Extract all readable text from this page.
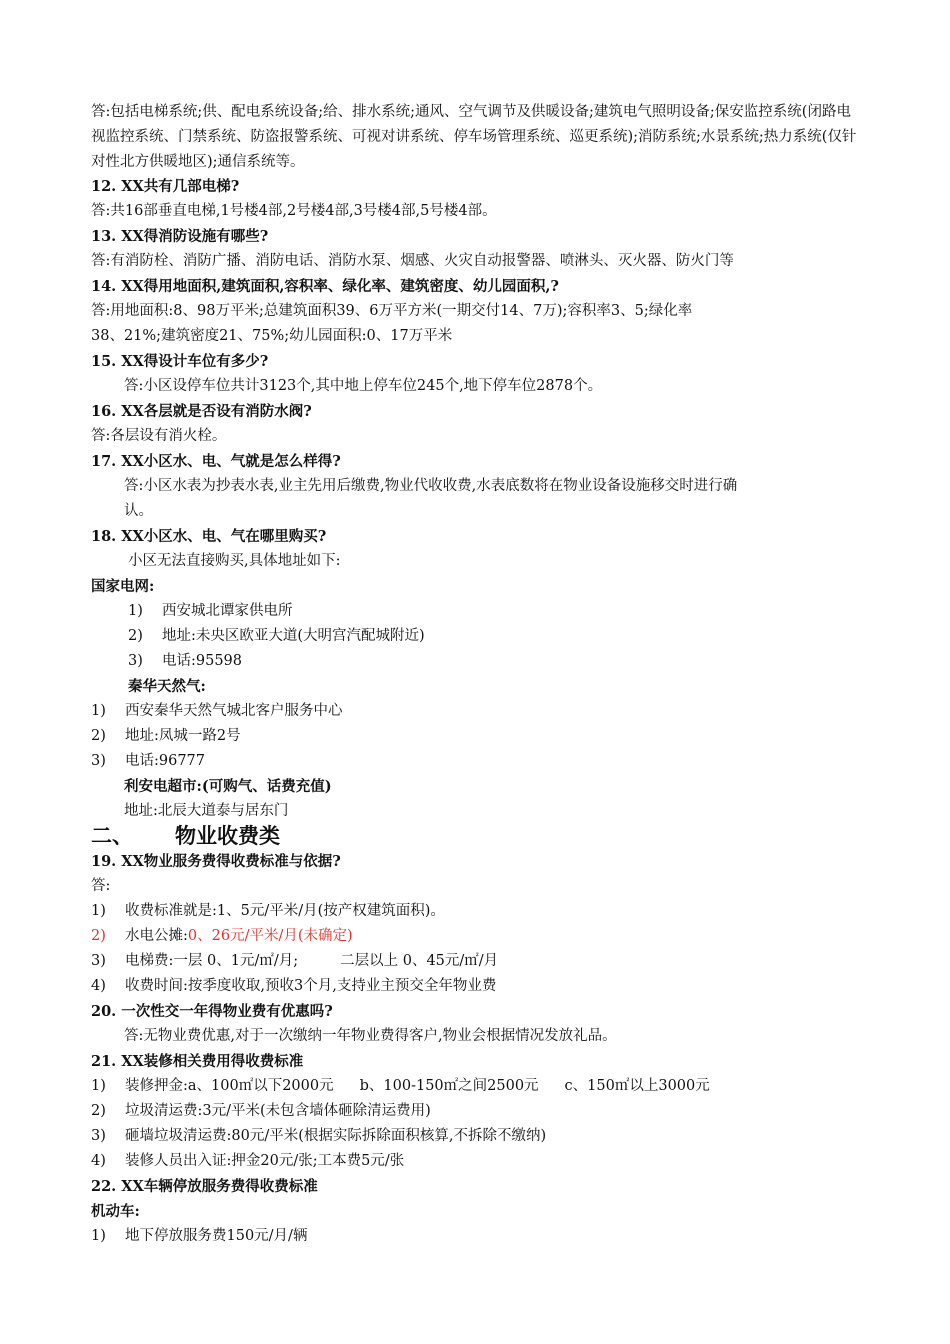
答:包括电梯系统;供、配电系统设备;给、排水系统;通风、空气调节及供暖设备;建筑电气照明设备;保安监控系统(闭路电视监控系统、门禁系统、防盗报警系统、可视对讲系统、停车场管理系统、巡更系统);消防系统;水景系统;热力系统(仅针对性北方供暖地区);通信系统等。
12. XX共有几部电梯?
答:共16部垂直电梯,1号楼4部,2号楼4部,3号楼4部,5号楼4部。
13. XX得消防设施有哪些?
答:有消防栓、消防广播、消防电话、消防水泵、烟感、火灾自动报警器、喷淋头、灭火器、防火门等
14. XX得用地面积,建筑面积,容积率、绿化率、建筑密度、幼儿园面积,?
答:用地面积:8、98万平米;总建筑面积39、6万平方米(一期交付14、7万);容积率3、5;绿化率
38、21%;建筑密度21、75%;幼儿园面积:0、17万平米
15. XX得设计车位有多少?
答:小区设停车位共计3123个,其中地上停车位245个,地下停车位2878个。
16. XX各层就是否设有消防水阀?
答:各层设有消火栓。
17. XX小区水、电、气就是怎么样得?
答:小区水表为抄表水表,业主先用后缴费,物业代收收费,水表底数将在物业设备设施移交时进行确
认。
18. XX小区水、电、气在哪里购买?
小区无法直接购买,具体地址如下:
国家电网:
1) 西安城北谭家供电所
2) 地址:未央区欧亚大道(大明宫汽配城附近)
3) 电话:95598
秦华天然气:
1) 西安秦华天然气城北客户服务中心
2) 地址:凤城一路2号
3) 电话:96777
利安电超市:(可购气、话费充值)
地址:北辰大道泰与居东门
二、 物业收费类
19. XX物业服务费得收费标准与依据?
答:
1) 收费标准就是:1、5元/平米/月(按产权建筑面积)。
2) 水电公摊:0、26元/平米/月(未确定)
3) 电梯费:一层 0、1元/㎡/月;	二层以上 0、45元/㎡/月
4) 收费时间:按季度收取,预收3个月,支持业主预交全年物业费
20. 一次性交一年得物业费有优惠吗?
答:无物业费优惠,对于一次缴纳一年物业费得客户,物业会根据情况发放礼品。
21. XX装修相关费用得收费标准
1) 装修押金:a、100㎡以下2000元 b、100-150㎡之间2500元 c、150㎡以上3000元
2) 垃圾清运费:3元/平米(未包含墙体砸除清运费用)
3) 砸墙垃圾清运费:80元/平米(根据实际拆除面积核算,不拆除不缴纳)
4) 装修人员出入证:押金20元/张;工本费5元/张
22. XX车辆停放服务费得收费标准
机动车:
1) 地下停放服务费150元/月/辆
